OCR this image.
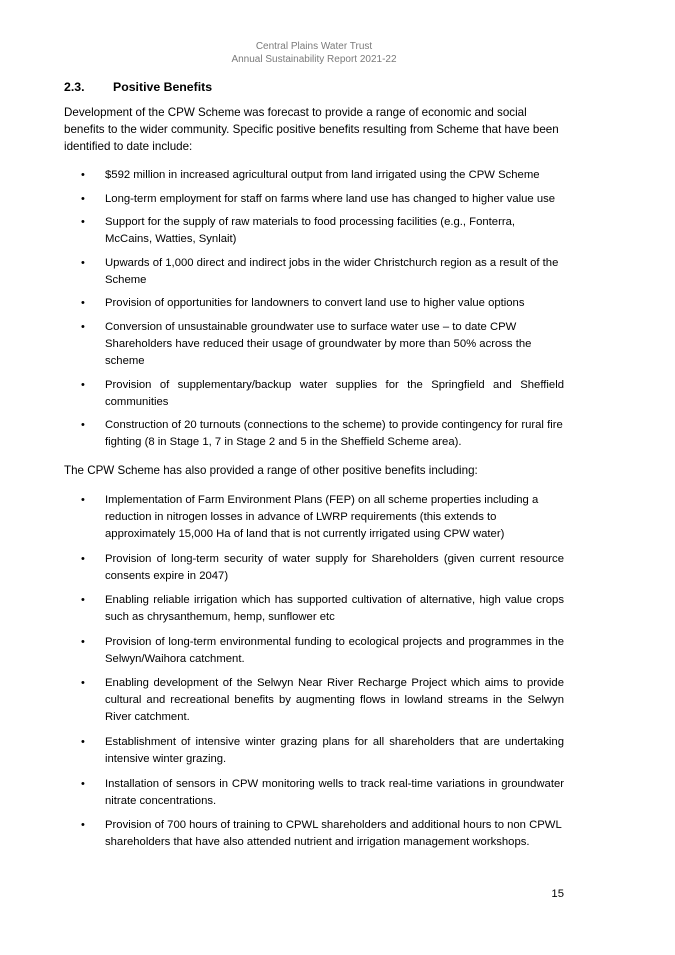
Central Plains Water Trust
Annual Sustainability Report 2021-22
2.3. Positive Benefits
Development of the CPW Scheme was forecast to provide a range of economic and social benefits to the wider community. Specific positive benefits resulting from Scheme that have been identified to date include:
• $592 million in increased agricultural output from land irrigated using the CPW Scheme
• Long-term employment for staff on farms where land use has changed to higher value use
• Support for the supply of raw materials to food processing facilities (e.g., Fonterra, McCains, Watties, Synlait)
• Upwards of 1,000 direct and indirect jobs in the wider Christchurch region as a result of the Scheme
• Provision of opportunities for landowners to convert land use to higher value options
• Conversion of unsustainable groundwater use to surface water use – to date CPW Shareholders have reduced their usage of groundwater by more than 50% across the scheme
• Provision of supplementary/backup water supplies for the Springfield and Sheffield communities
• Construction of 20 turnouts (connections to the scheme) to provide contingency for rural fire fighting (8 in Stage 1, 7 in Stage 2 and 5 in the Sheffield Scheme area).
The CPW Scheme has also provided a range of other positive benefits including:
• Implementation of Farm Environment Plans (FEP) on all scheme properties including a reduction in nitrogen losses in advance of LWRP requirements (this extends to approximately 15,000 Ha of land that is not currently irrigated using CPW water)
• Provision of long-term security of water supply for Shareholders (given current resource consents expire in 2047)
• Enabling reliable irrigation which has supported cultivation of alternative, high value crops such as chrysanthemum, hemp, sunflower etc
• Provision of long-term environmental funding to ecological projects and programmes in the Selwyn/Waihora catchment.
• Enabling development of the Selwyn Near River Recharge Project which aims to provide cultural and recreational benefits by augmenting flows in lowland streams in the Selwyn River catchment.
• Establishment of intensive winter grazing plans for all shareholders that are undertaking intensive winter grazing.
• Installation of sensors in CPW monitoring wells to track real-time variations in groundwater nitrate concentrations.
• Provision of 700 hours of training to CPWL shareholders and additional hours to non CPWL shareholders that have also attended nutrient and irrigation management workshops.
15
